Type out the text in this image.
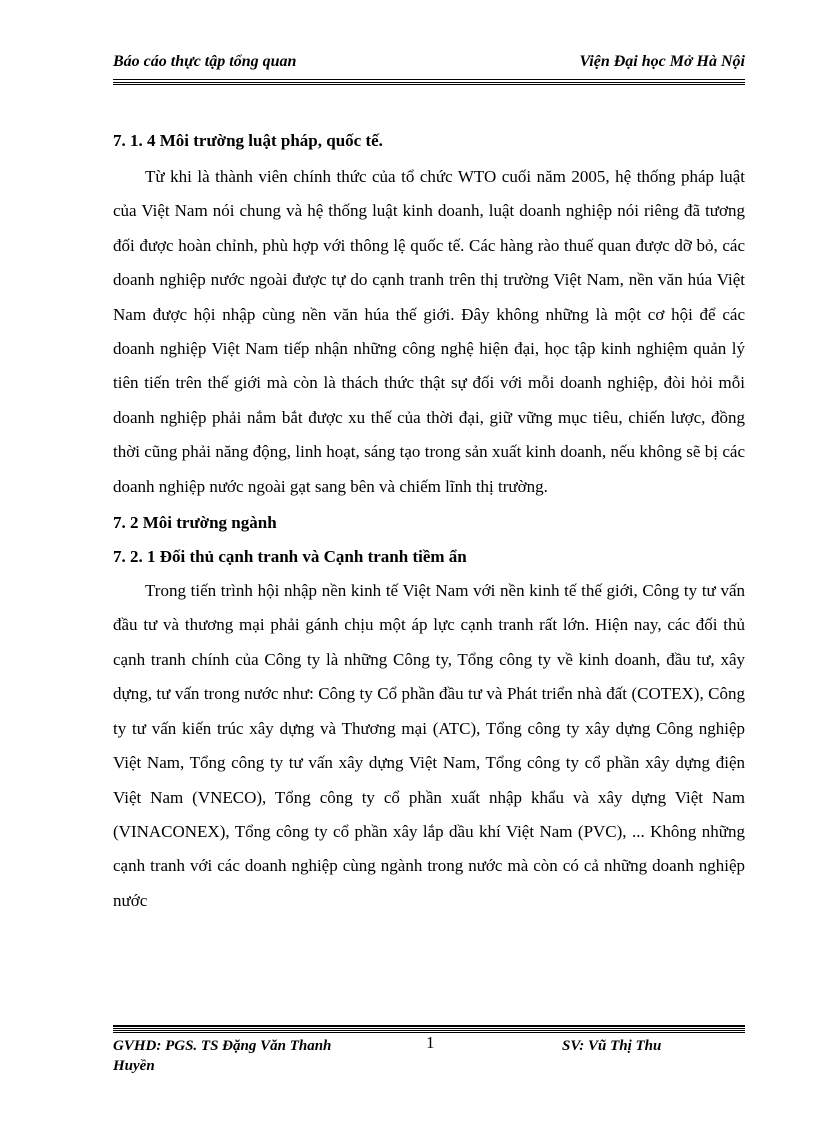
Báo cáo thực tập tổng quan	Viện Đại học Mở Hà Nội

7. 1. 4 Môi trường luật pháp, quốc tế.

Từ khi là thành viên chính thức của tổ chức WTO cuối năm 2005, hệ thống pháp luật của Việt Nam nói chung và hệ thống luật kinh doanh, luật doanh nghiệp nói riêng đã tương đối được hoàn chỉnh, phù hợp với thông lệ quốc tế. Các hàng rào thuế quan được dỡ bỏ, các doanh nghiệp nước ngoài được tự do cạnh tranh trên thị trường Việt Nam, nền văn húa Việt Nam được hội nhập cùng nền văn húa thế giới. Đây không những là một cơ hội để các doanh nghiệp Việt Nam tiếp nhận những công nghệ hiện đại, học tập kinh nghiệm quản lý tiên tiến trên thế giới mà còn là thách thức thật sự đối với mỗi doanh nghiệp, đòi hỏi mỗi doanh nghiệp phải nắm bắt được xu thế của thời đại, giữ vững mục tiêu, chiến lược, đồng thời cũng phải năng động, linh hoạt, sáng tạo trong sản xuất kinh doanh, nếu không sẽ bị các doanh nghiệp nước ngoài gạt sang bên và chiếm lĩnh thị trường.

7. 2 Môi trường ngành

7. 2. 1 Đối thủ cạnh tranh và Cạnh tranh tiềm ẩn

Trong tiến trình hội nhập nền kinh tế Việt Nam với nền kinh tế thế giới, Công ty tư vấn đầu tư và thương mại phải gánh chịu một áp lực cạnh tranh rất lớn. Hiện nay, các đối thủ cạnh tranh chính của Công ty là những Công ty, Tổng công ty về kinh doanh, đầu tư, xây dựng, tư vấn trong nước như: Công ty Cổ phần đầu tư và Phát triển nhà đất (COTEX), Công ty tư vấn kiến trúc xây dựng và Thương mại (ATC), Tổng công ty xây dựng Công nghiệp Việt Nam, Tổng công ty tư vấn xây dựng Việt Nam, Tổng công ty cổ phần xây dựng điện Việt Nam (VNECO), Tổng công ty cổ phần xuất nhập khẩu và xây dựng Việt Nam (VINACONEX), Tổng công ty cổ phần xây lắp dầu khí Việt Nam (PVC), ... Không những cạnh tranh với các doanh nghiệp cùng ngành trong nước mà còn có cả những doanh nghiệp nước

GVHD: PGS. TS Đặng Văn Thanh Huyền
1	SV: Vũ Thị Thu
